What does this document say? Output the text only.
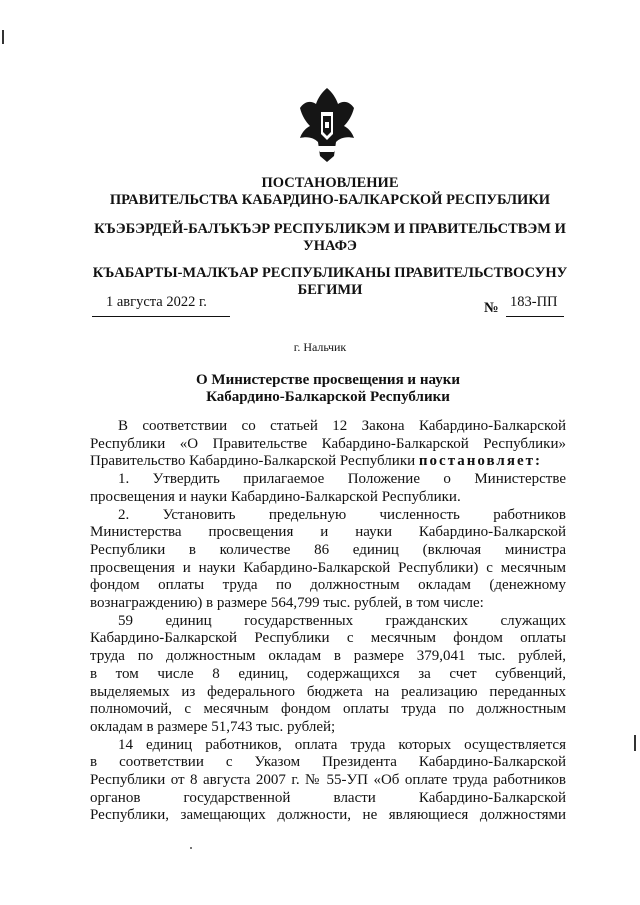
ПОСТАНОВЛЕНИЕ
ПРАВИТЕЛЬСТВА КАБАРДИНО-БАЛКАРСКОЙ РЕСПУБЛИКИ
КЪЭБЭРДЕЙ-БАЛЪКЪЭР РЕСПУБЛИКЭМ И ПРАВИТЕЛЬСТВЭМ И
УНАФЭ
КЪАБАРТЫ-МАЛКЪАР РЕСПУБЛИКАНЫ ПРАВИТЕЛЬСТВОСУНУ
БЕГИМИ
1 августа 2022 г.	№ 183-ПП
г. Нальчик
О Министерстве просвещения и науки
Кабардино-Балкарской Республики
В соответствии со статьей 12 Закона Кабардино-Балкарской
Республики «О Правительстве Кабардино-Балкарской Республики»
Правительство Кабардино-Балкарской Республики постановляет:
1. Утвердить прилагаемое Положение о Министерстве
просвещения и науки Кабардино-Балкарской Республики.
2. Установить предельную численность работников
Министерства просвещения и науки Кабардино-Балкарской
Республики в количестве 86 единиц (включая министра
просвещения и науки Кабардино-Балкарской Республики) с месячным
фондом оплаты труда по должностным окладам (денежному
вознаграждению) в размере 564,799 тыс. рублей, в том числе:
59 единиц государственных гражданских служащих
Кабардино-Балкарской Республики с месячным фондом оплаты
труда по должностным окладам в размере 379,041 тыс. рублей,
в том числе 8 единиц, содержащихся за счет субвенций,
выделяемых из федерального бюджета на реализацию переданных
полномочий, с месячным фондом оплаты труда по должностным
окладам в размере 51,743 тыс. рублей;
14 единиц работников, оплата труда которых осуществляется
в соответствии с Указом Президента Кабардино-Балкарской
Республики от 8 августа 2007 г. № 55-УП «Об оплате труда работников
органов государственной власти Кабардино-Балкарской
Республики, замещающих должности, не являющиеся должностями
